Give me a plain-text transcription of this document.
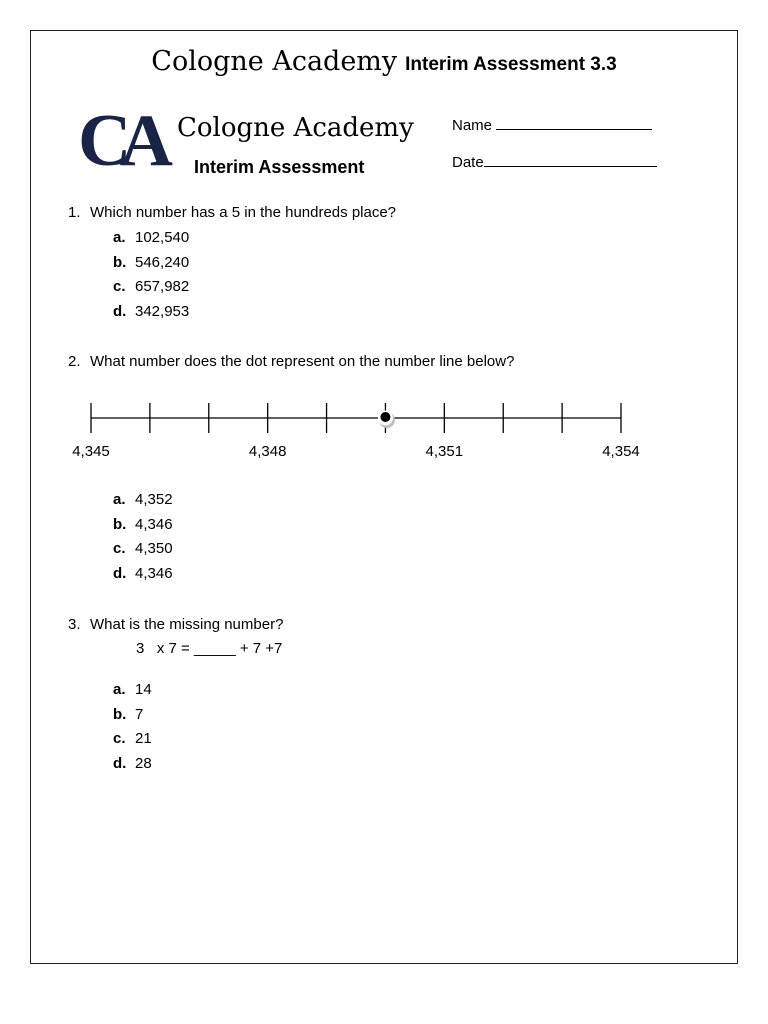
Cologne Academy Interim Assessment 3.3
CA Cologne Academy
Interim Assessment
Name
Date
1. Which number has a 5 in the hundreds place?
a. 102,540
b. 546,240
c. 657,982
d. 342,953
2. What number does the dot represent on the number line below?
4,345	4,348	4,351	4,354
a. 4,352
b. 4,346
c. 4,350
d. 4,346
3. What is the missing number?
3   x 7 = _____ + 7 +7
a. 14
b. 7
c. 21
d. 28
